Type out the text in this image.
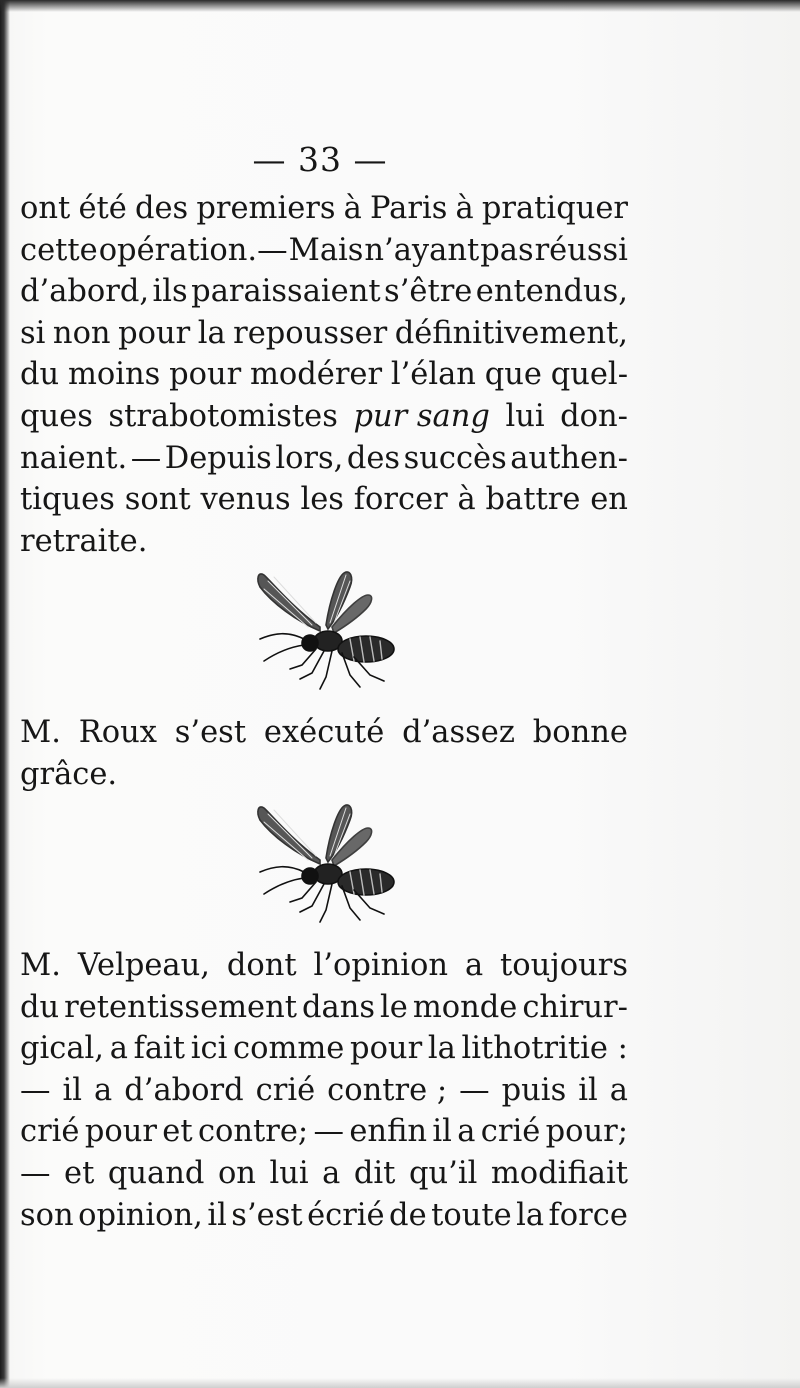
— 33 —
ont été des premiers à Paris à pratiquer
cette opération.— Mais n’ayant pas réussi
d’abord, ils paraissaient s’être entendus,
si non pour la repousser définitivement,
du moins pour modérer l’élan que quel-
ques strabotomistes pur sang lui don-
naient. — Depuis lors, des succès authen-
tiques sont venus les forcer à battre en
retraite.
M. Roux s’est exécuté d’assez bonne
grâce.
M. Velpeau, dont l’opinion a toujours
du retentissement dans le monde chirur-
gical, a fait ici comme pour la lithotritie :
— il a d’abord crié contre ; — puis il a
crié pour et contre; — enfin il a crié pour;
— et quand on lui a dit qu’il modifiait
son opinion, il s’est écrié de toute la force
